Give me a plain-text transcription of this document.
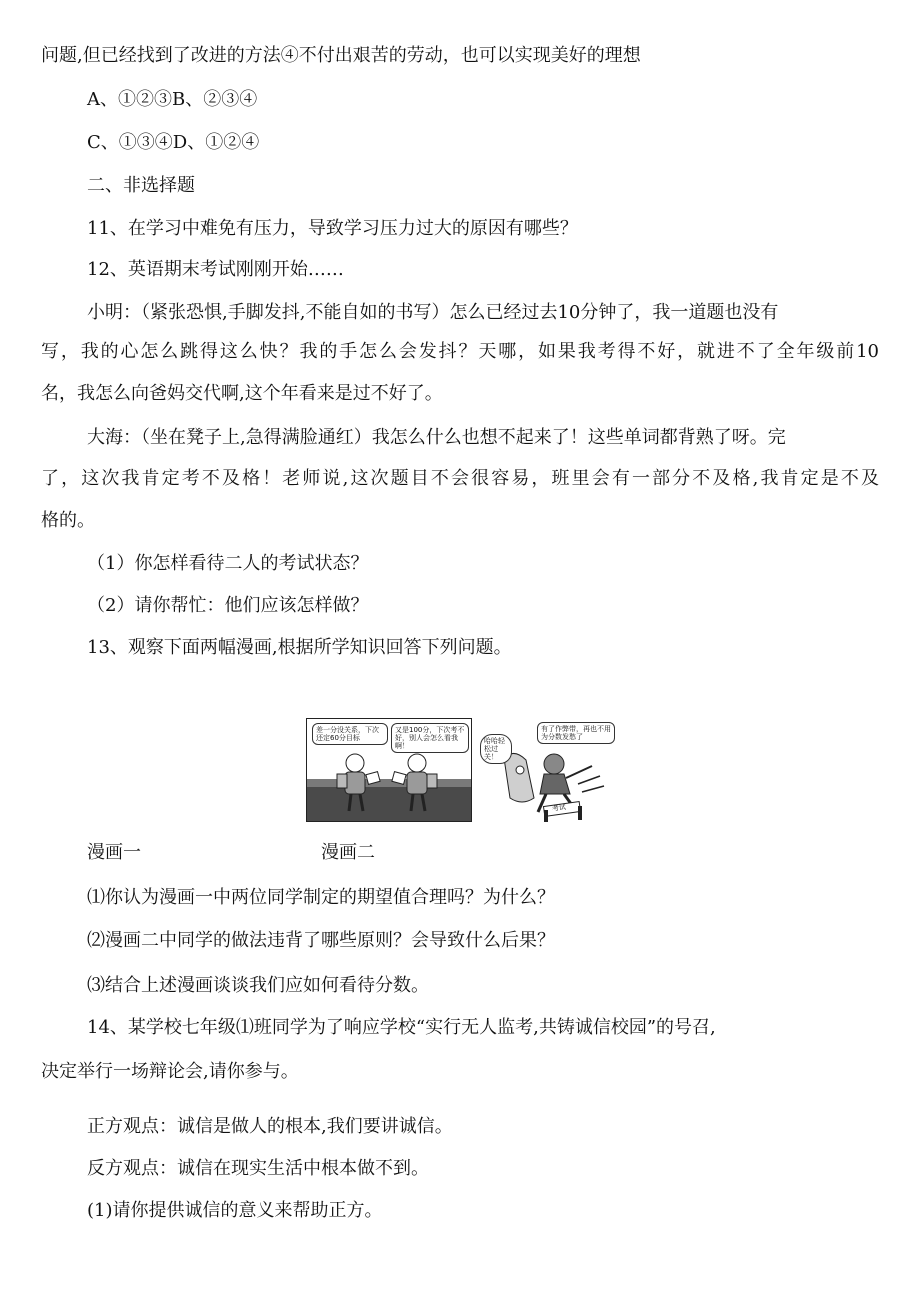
问题,但已经找到了改进的方法④不付出艰苦的劳动，也可以实现美好的理想
A、①②③B、②③④
C、①③④D、①②④
二、非选择题
11、在学习中难免有压力，导致学习压力过大的原因有哪些？
12、英语期末考试刚刚开始……
小明：（紧张恐惧,手脚发抖,不能自如的书写）怎么已经过去10分钟了，我一道题也没有
写，我的心怎么跳得这么快？我的手怎么会发抖？天哪，如果我考得不好，就进不了全年级前10
名，我怎么向爸妈交代啊,这个年看来是过不好了。
大海：（坐在凳子上,急得满脸通红）我怎么什么也想不起来了！这些单词都背熟了呀。完
了，这次我肯定考不及格！老师说,这次题目不会很容易，班里会有一部分不及格,我肯定是不及
格的。
（1）你怎样看待二人的考试状态？
（2）请你帮忙：他们应该怎样做？
13、观察下面两幅漫画,根据所学知识回答下列问题。
差一分没关系，下次还定60分目标
又是100分，下次考不好，别人会怎么看我啊！
有了作弊带，再也不用为分数发愁了
哈哈轻松过关！
考试
漫画一	漫画二
⑴你认为漫画一中两位同学制定的期望值合理吗？为什么？
⑵漫画二中同学的做法违背了哪些原则？会导致什么后果？
⑶结合上述漫画谈谈我们应如何看待分数。
14、某学校七年级⑴班同学为了响应学校“实行无人监考,共铸诚信校园”的号召,
决定举行一场辩论会,请你参与。
正方观点：诚信是做人的根本,我们要讲诚信。
反方观点：诚信在现实生活中根本做不到。
(1)请你提供诚信的意义来帮助正方。
